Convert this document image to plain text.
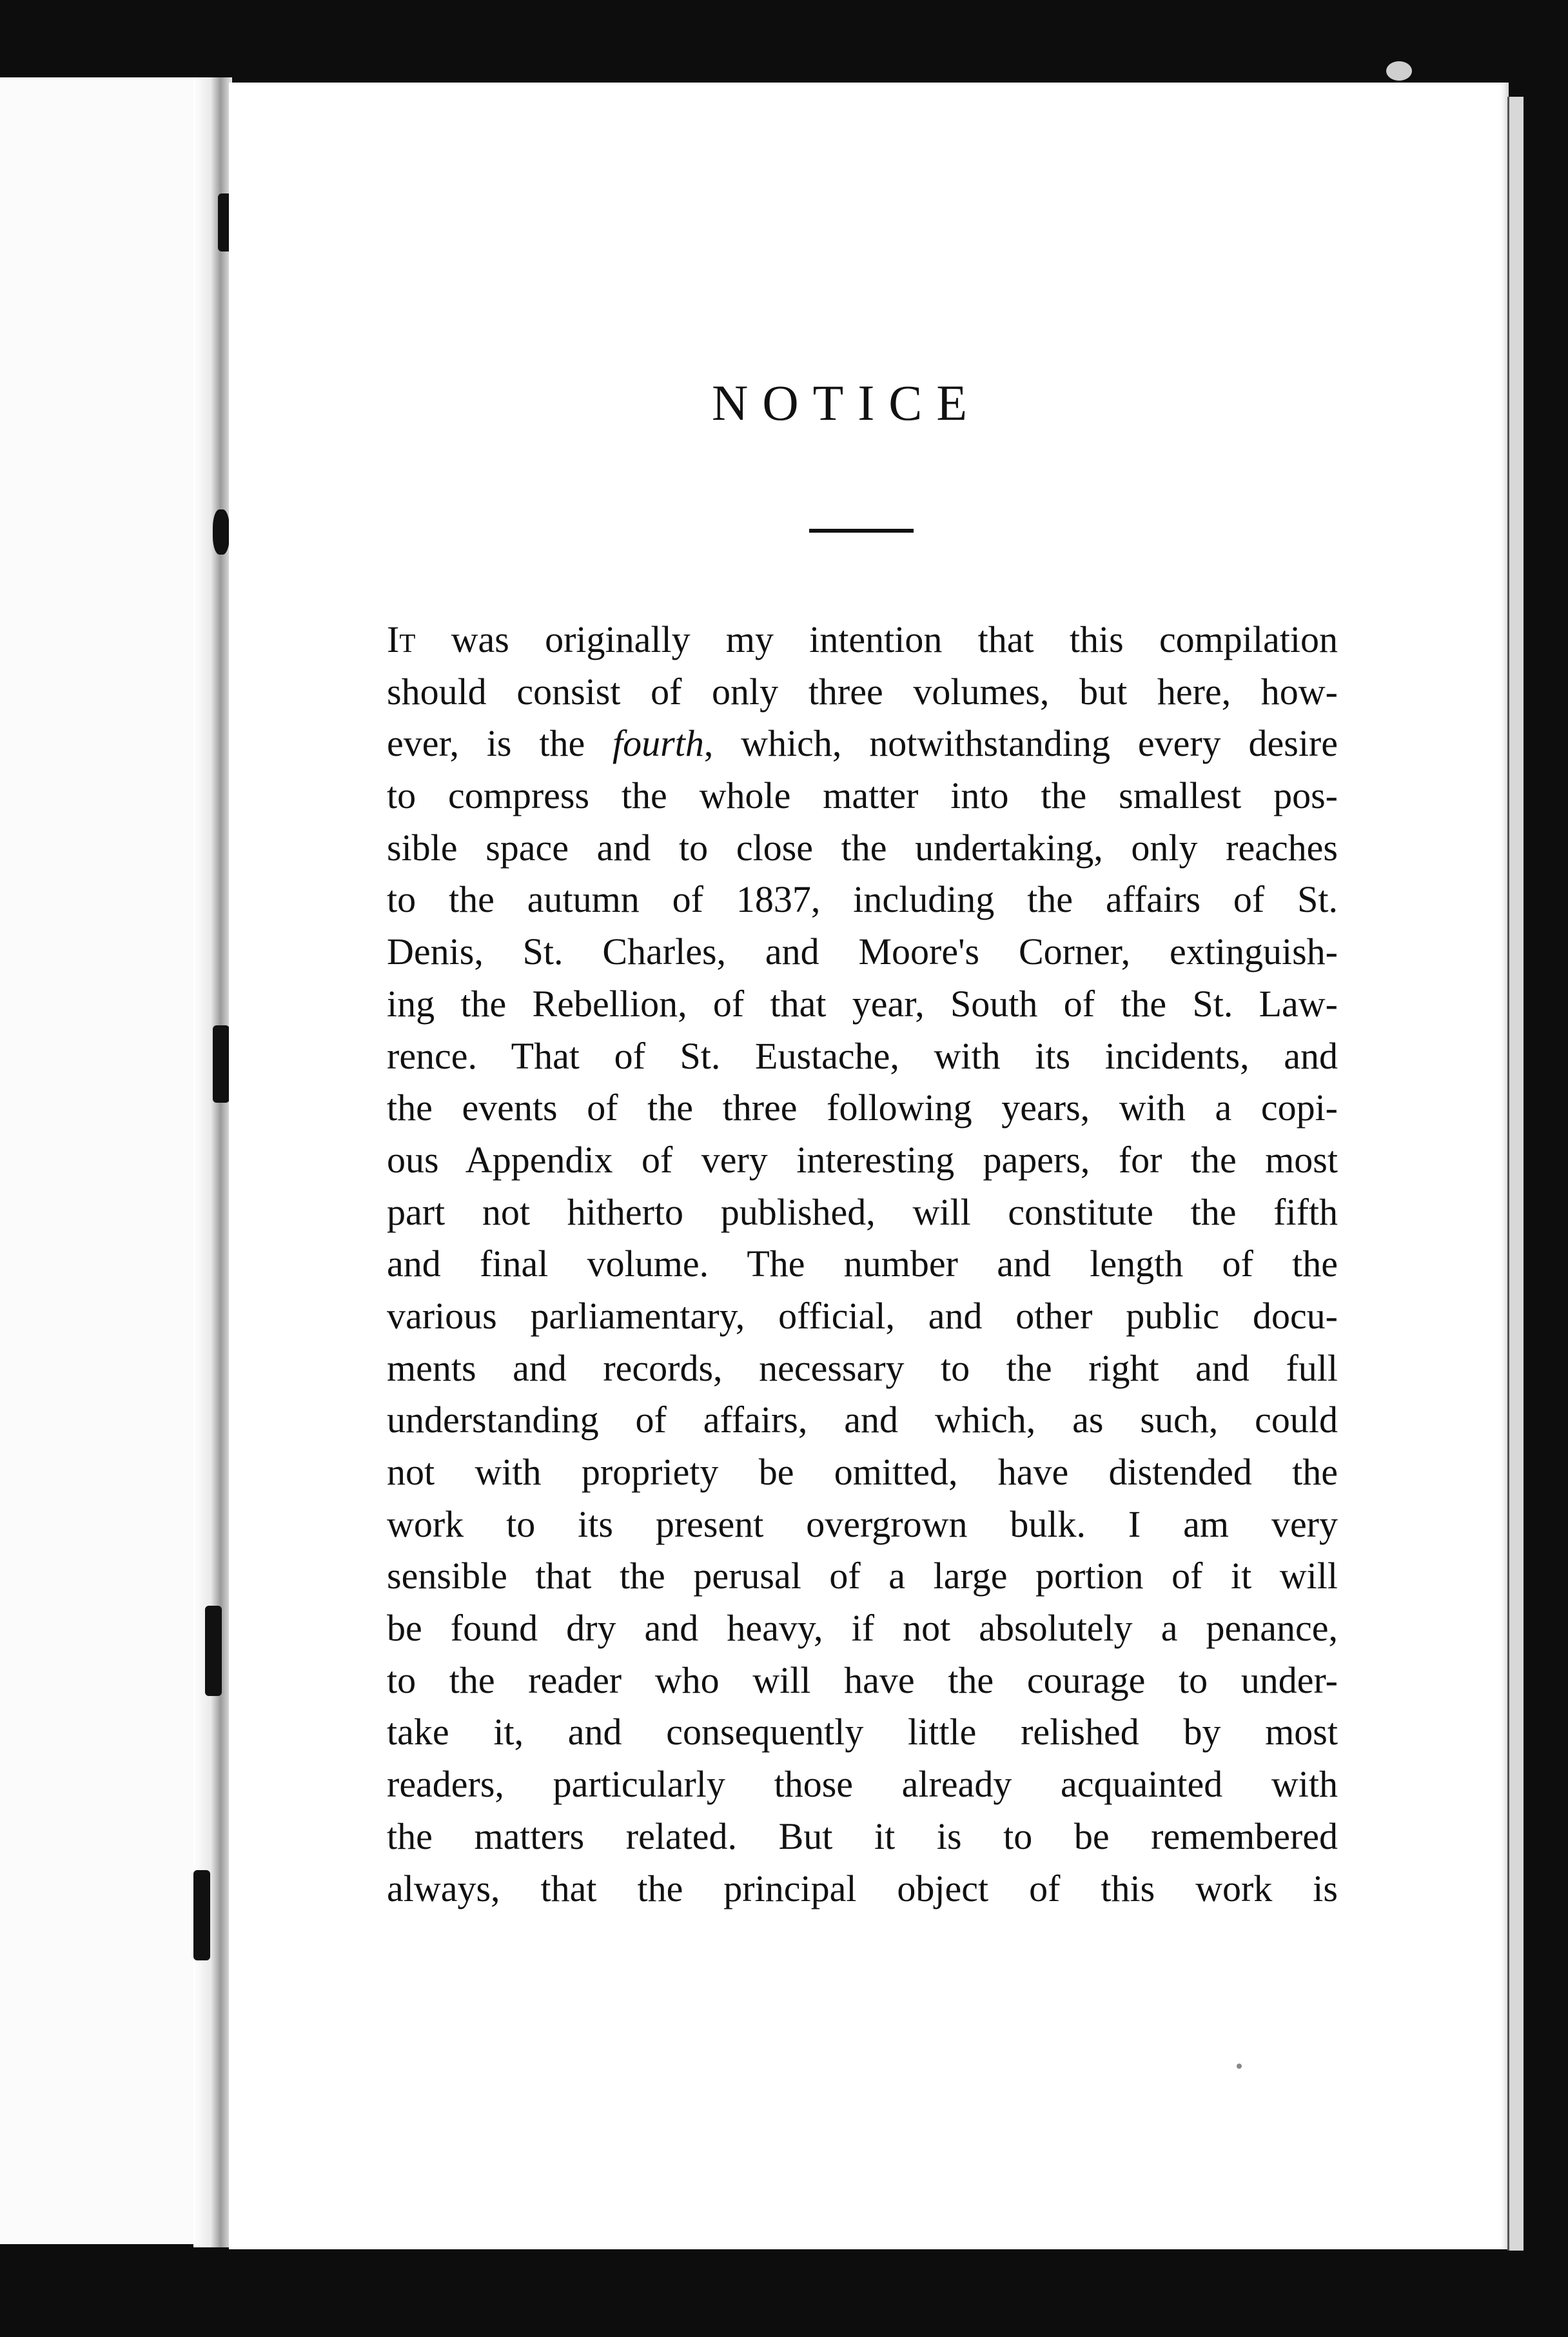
NOTICE
It was originally my intention that this compilation
should consist of only three volumes, but here, how-
ever, is the fourth, which, notwithstanding every desire
to compress the whole matter into the smallest pos-
sible space and to close the undertaking, only reaches
to the autumn of 1837, including the affairs of St.
Denis, St. Charles, and Moore's Corner, extinguish-
ing the Rebellion, of that year, South of the St. Law-
rence. That of St. Eustache, with its incidents, and
the events of the three following years, with a copi-
ous Appendix of very interesting papers, for the most
part not hitherto published, will constitute the fifth
and final volume. The number and length of the
various parliamentary, official, and other public docu-
ments and records, necessary to the right and full
understanding of affairs, and which, as such, could
not with propriety be omitted, have distended the
work to its present overgrown bulk. I am very
sensible that the perusal of a large portion of it will
be found dry and heavy, if not absolutely a penance,
to the reader who will have the courage to under-
take it, and consequently little relished by most
readers, particularly those already acquainted with
the matters related. But it is to be remembered
always, that the principal object of this work is
